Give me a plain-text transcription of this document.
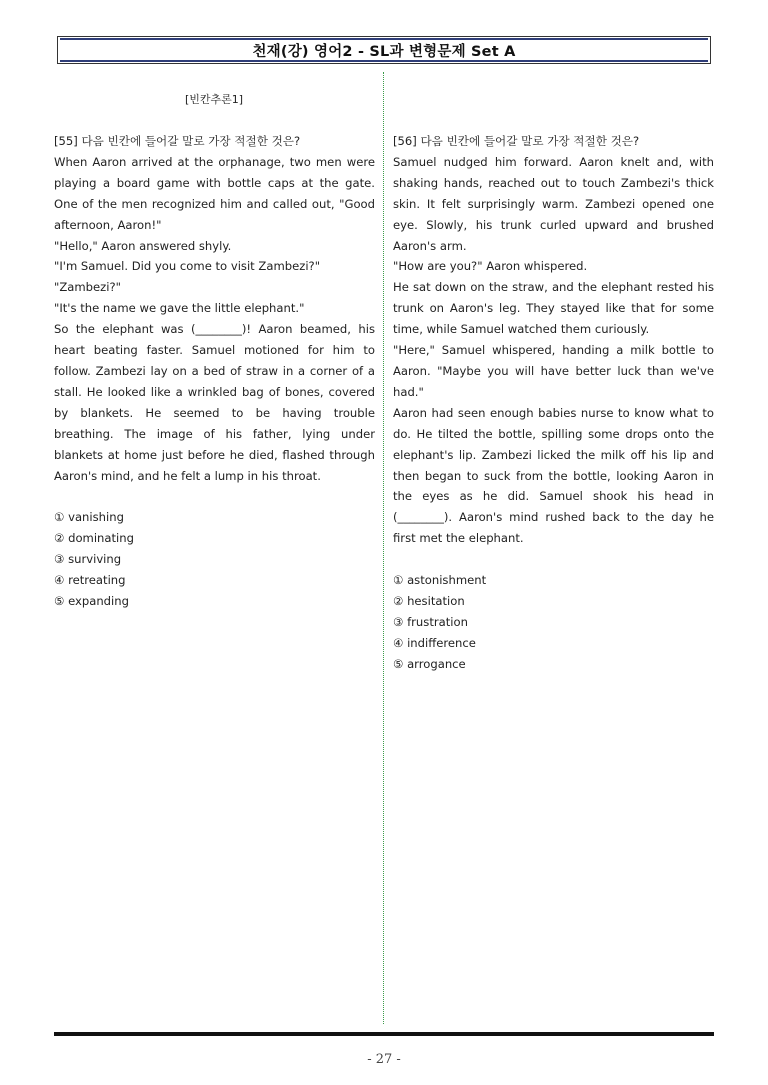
천재(강) 영어2 - SL과 변형문제 Set A
[빈칸추론1]
[55] 다음 빈칸에 들어갈 말로 가장 적절한 것은?

When Aaron arrived at the orphanage, two men were playing a board game with bottle caps at the gate. One of the men recognized him and called out, "Good afternoon, Aaron!"

"Hello," Aaron answered shyly.

"I'm Samuel. Did you come to visit Zambezi?"

"Zambezi?"

"It's the name we gave the little elephant."

So the elephant was (________)! Aaron beamed, his heart beating faster. Samuel motioned for him to follow. Zambezi lay on a bed of straw in a corner of a stall. He looked like a wrinkled bag of bones, covered by blankets. He seemed to be having trouble breathing. The image of his father, lying under blankets at home just before he died, flashed through Aaron's mind, and he felt a lump in his throat.

① vanishing
② dominating
③ surviving
④ retreating
⑤ expanding
[56] 다음 빈칸에 들어갈 말로 가장 적절한 것은?

Samuel nudged him forward. Aaron knelt and, with shaking hands, reached out to touch Zambezi's thick skin. It felt surprisingly warm. Zambezi opened one eye. Slowly, his trunk curled upward and brushed Aaron's arm.

"How are you?" Aaron whispered.

He sat down on the straw, and the elephant rested his trunk on Aaron's leg. They stayed like that for some time, while Samuel watched them curiously.

"Here," Samuel whispered, handing a milk bottle to Aaron. "Maybe you will have better luck than we've had."

Aaron had seen enough babies nurse to know what to do. He tilted the bottle, spilling some drops onto the elephant's lip. Zambezi licked the milk off his lip and then began to suck from the bottle, looking Aaron in the eyes as he did. Samuel shook his head in (________). Aaron's mind rushed back to the day he first met the elephant.

① astonishment
② hesitation
③ frustration
④ indifference
⑤ arrogance
- 27 -
